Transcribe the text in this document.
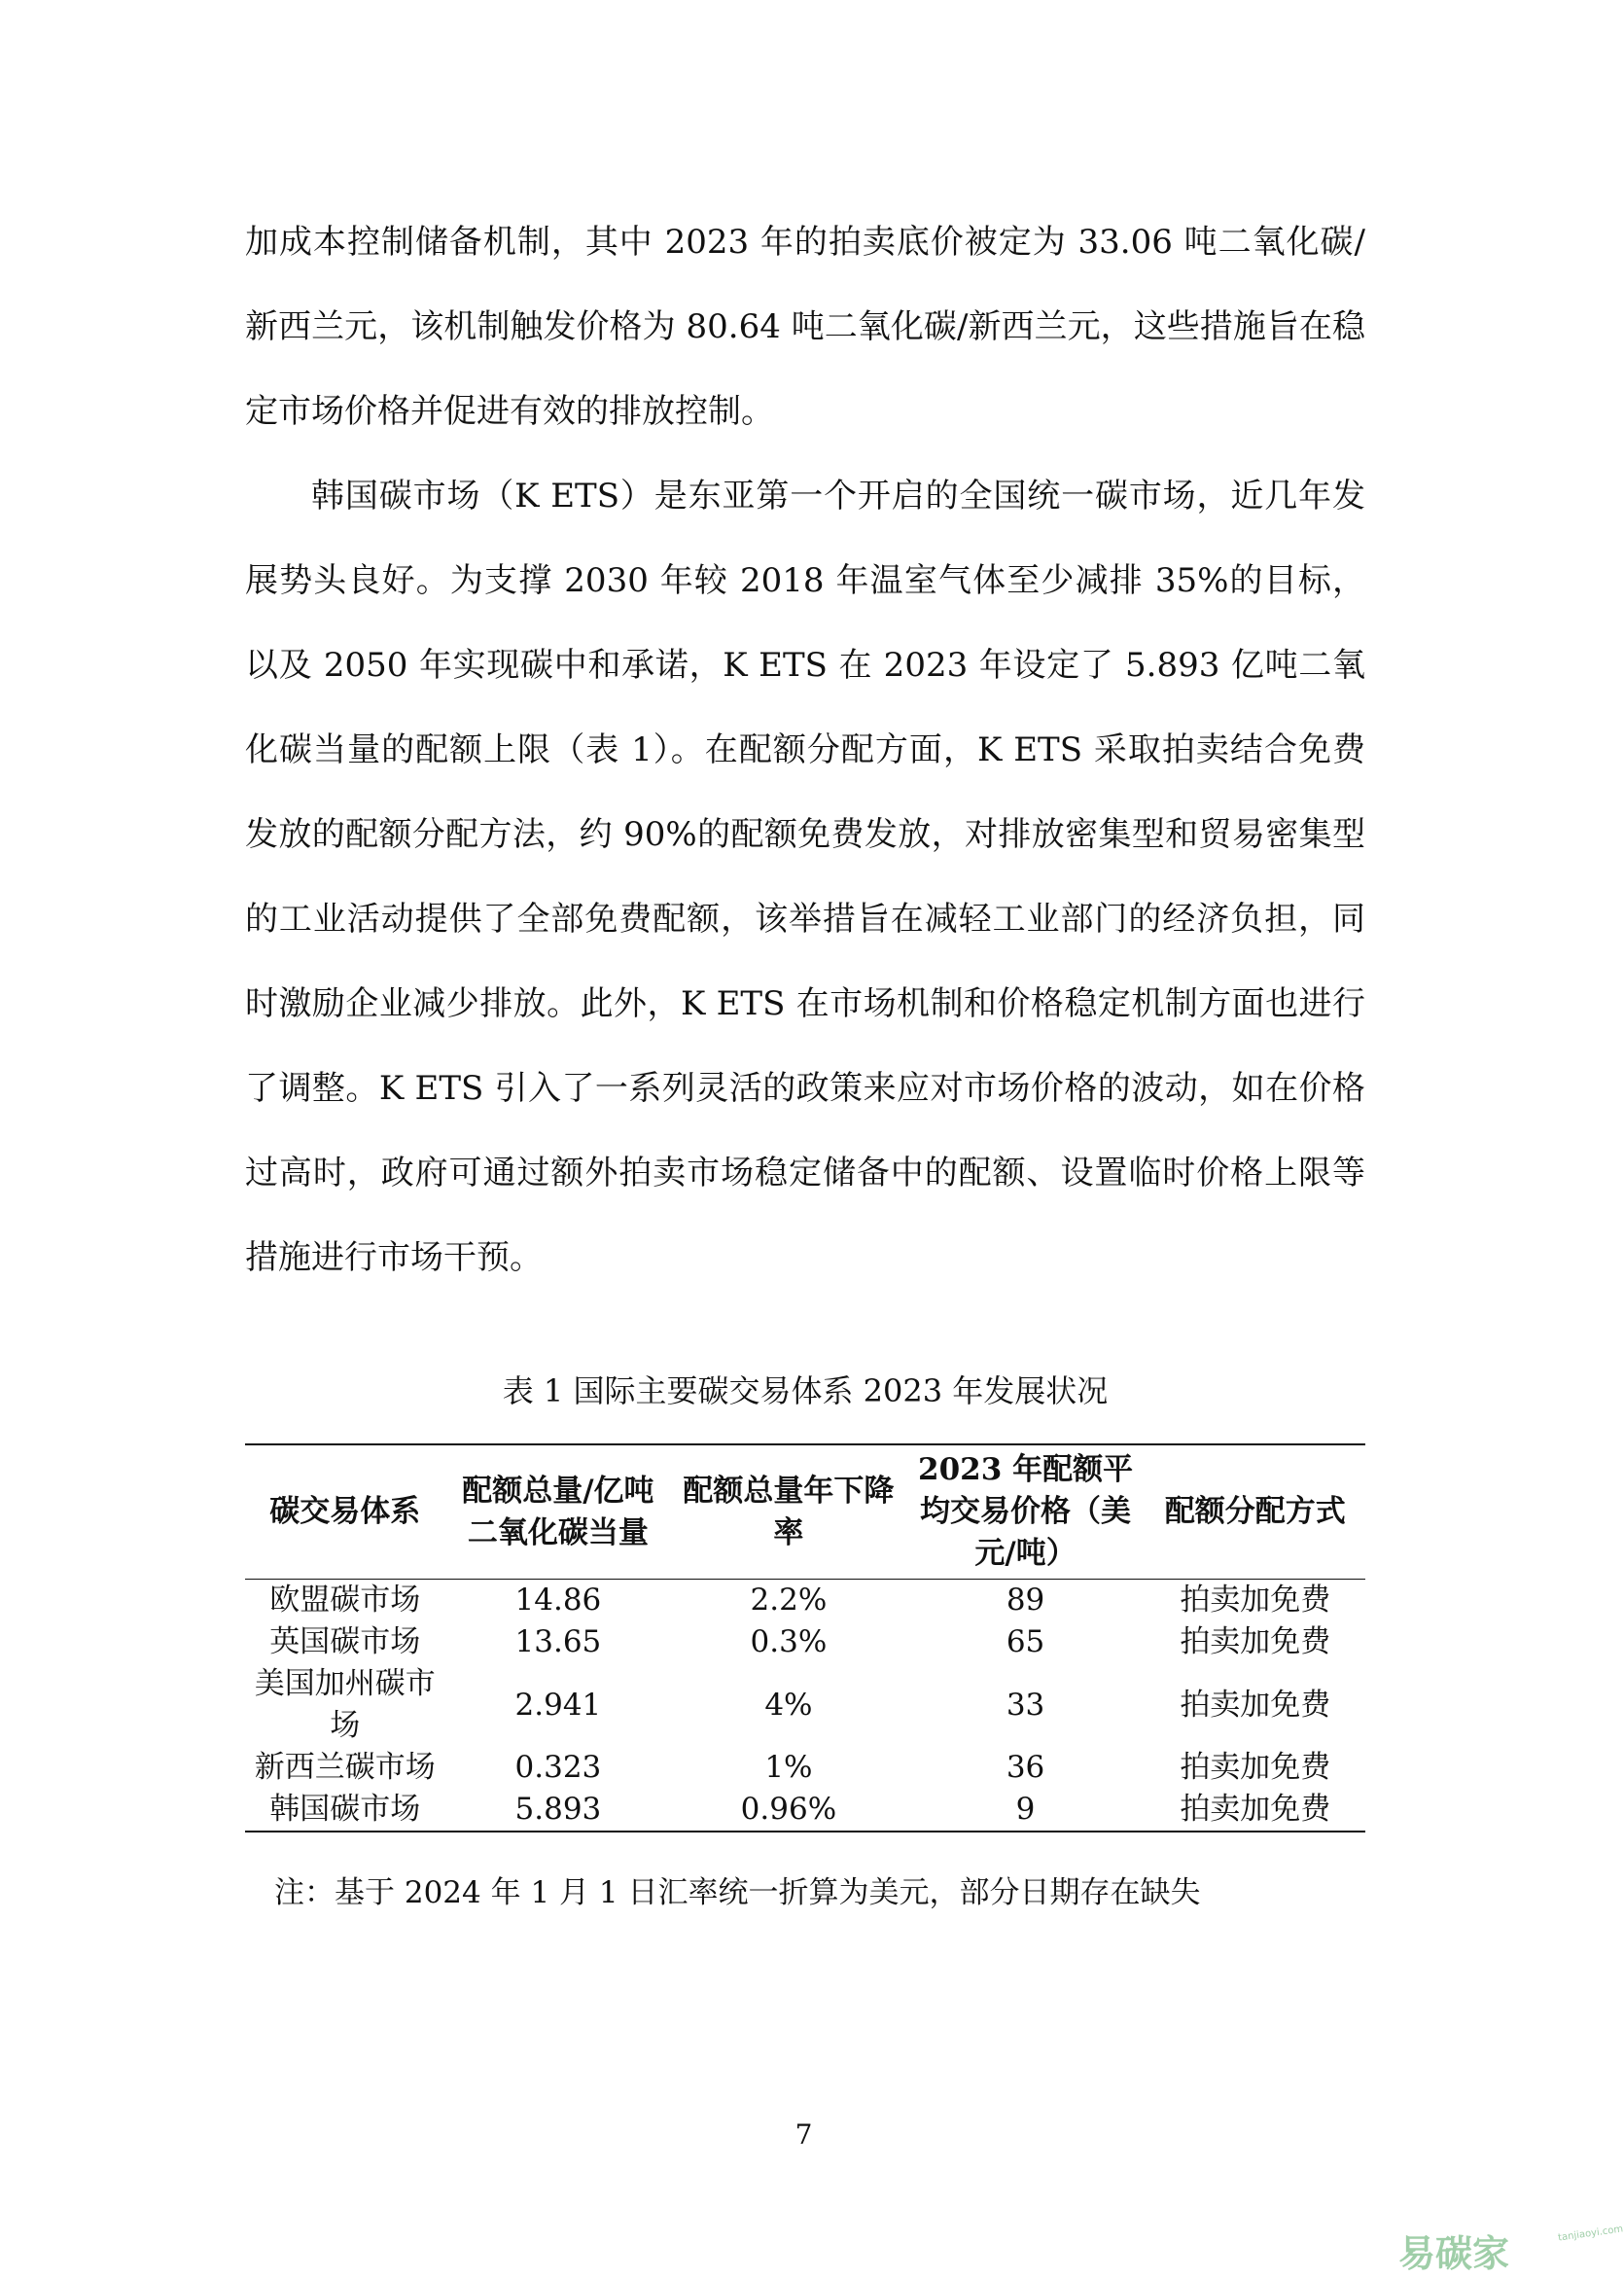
加成本控制储备机制，其中 2023 年的拍卖底价被定为 33.06 吨二氧化碳/新西兰元，该机制触发价格为 80.64 吨二氧化碳/新西兰元，这些措施旨在稳定市场价格并促进有效的排放控制。

韩国碳市场（K ETS）是东亚第一个开启的全国统一碳市场，近几年发展势头良好。为支撑 2030 年较 2018 年温室气体至少减排 35%的目标，以及 2050 年实现碳中和承诺，K ETS 在 2023 年设定了 5.893 亿吨二氧化碳当量的配额上限（表 1）。在配额分配方面，K ETS 采取拍卖结合免费发放的配额分配方法，约 90%的配额免费发放，对排放密集型和贸易密集型的工业活动提供了全部免费配额，该举措旨在减轻工业部门的经济负担，同时激励企业减少排放。此外，K ETS 在市场机制和价格稳定机制方面也进行了调整。K ETS 引入了一系列灵活的政策来应对市场价格的波动，如在价格过高时，政府可通过额外拍卖市场稳定储备中的配额、设置临时价格上限等措施进行市场干预。

表 1 国际主要碳交易体系 2023 年发展状况
碳交易体系	配额总量/亿吨二氧化碳当量	配额总量年下降率	2023 年配额平均交易价格（美元/吨）	配额分配方式
欧盟碳市场	14.86	2.2%	89	拍卖加免费
英国碳市场	13.65	0.3%	65	拍卖加免费
美国加州碳市场	2.941	4%	33	拍卖加免费
新西兰碳市场	0.323	1%	36	拍卖加免费
韩国碳市场	5.893	0.96%	9	拍卖加免费
注：基于 2024 年 1 月 1 日汇率统一折算为美元，部分日期存在缺失
7
易碳家	tanjiaoyi.com
